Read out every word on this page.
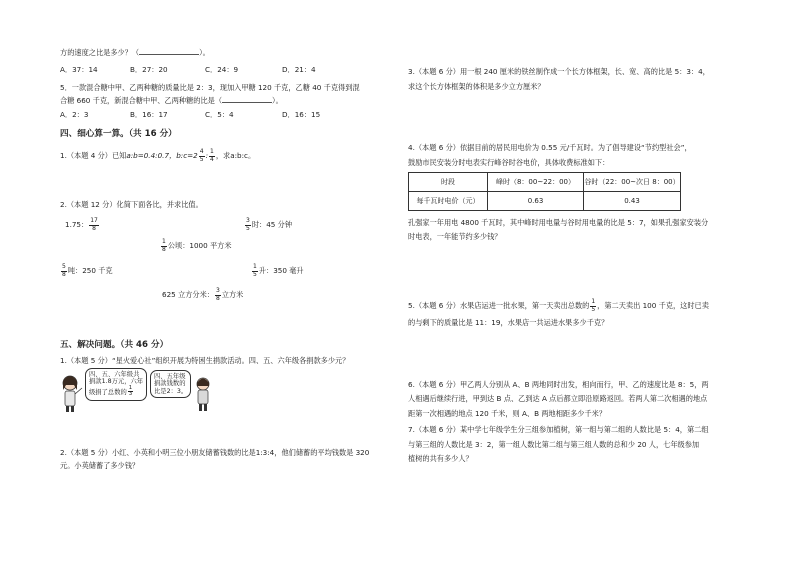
方的速度之比是多少？（	）。
A．37：14	B．27：20	C．24：9	D．21：4
5．一款混合糖中甲、乙两种糖的质量比是 2：3，现加入甲糖 120 千克，乙糖 40 千克得到混
合糖 660 千克，新混合糖中甲、乙两种糖的比是（	）。
A．2：3	B．16：17	C．5：4	D．16：15
四、细心算一算。（共 16 分）
1.（本题 4 分）已知a:b=0.4:0.7，b:c=2 $\frac{4}{5}$ : $\frac{1}{4}$ ，求a:b:c。
2.（本题 12 分）化简下面各比，并求比值。
1.75： $\frac{17}{8}$	$\frac{3}{5}$ 时：45 分钟
$\frac{1}{8}$ 公顷：1000 平方米
$\frac{5}{8}$ 吨：250 千克	$\frac{1}{5}$ 升：350 毫升
625 立方分米： $\frac{3}{8}$ 立方米
五、解决问题。（共 46 分）
1.（本题 5 分）“星火爱心社”组织开展为特困生捐款活动。四、五、六年级各捐款多少元？
四、五、六年级共
捐款1.8万元，六年
级捐了总数的 $\frac{1}{3}$
四、五年级
捐款钱数的
比是2：3。
2.（本题 5 分）小红、小英和小明三位小朋友储蓄钱数的比是1:3:4，他们储蓄的平均钱数是 320
元。小英储蓄了多少钱？
3.（本题 6 分）用一根 240 厘米的铁丝制作成一个长方体框架，长、宽、高的比是 5：3：4，
求这个长方体框架的体积是多少立方厘米？
4.（本题 6 分）依据目前的居民用电价为 0.55 元/千瓦时。为了倡导建设“节约型社会”，
鼓励市民安装分时电表实行峰谷时谷电价，具体收费标准如下：
时段	峰时（8：00~22：00）	谷时（22：00~次日 8：00）
每千瓦时电价（元）	0.63	0.43
孔强家一年用电 4800 千瓦时，其中峰时用电量与谷时用电量的比是 5：7，如果孔强家安装分
时电表，一年能节约多少钱？
5.（本题 6 分）水果店运进一批水果，第一天卖出总数的 $\frac{1}{5}$ ，第二天卖出 100 千克，这时已卖
的与剩下的质量比是 11：19，水果店一共运进水果多少千克？
6.（本题 6 分）甲乙两人分别从 A、B 两地同时出发，相向而行，甲、乙的速度比是 8：5，两
人相遇后继续行进，甲到达 B 点、乙到达 A 点后都立即沿原路返回。若两人第二次相遇的地点
距第一次相遇的地点 120 千米，则 A、B 两地相距多少千米？
7.（本题 6 分）某中学七年级学生分三组参加植树，第一组与第二组的人数比是 5：4，第二组
与第三组的人数比是 3：2，第一组人数比第二组与第三组人数的总和少 20 人，七年级参加
植树的共有多少人？
